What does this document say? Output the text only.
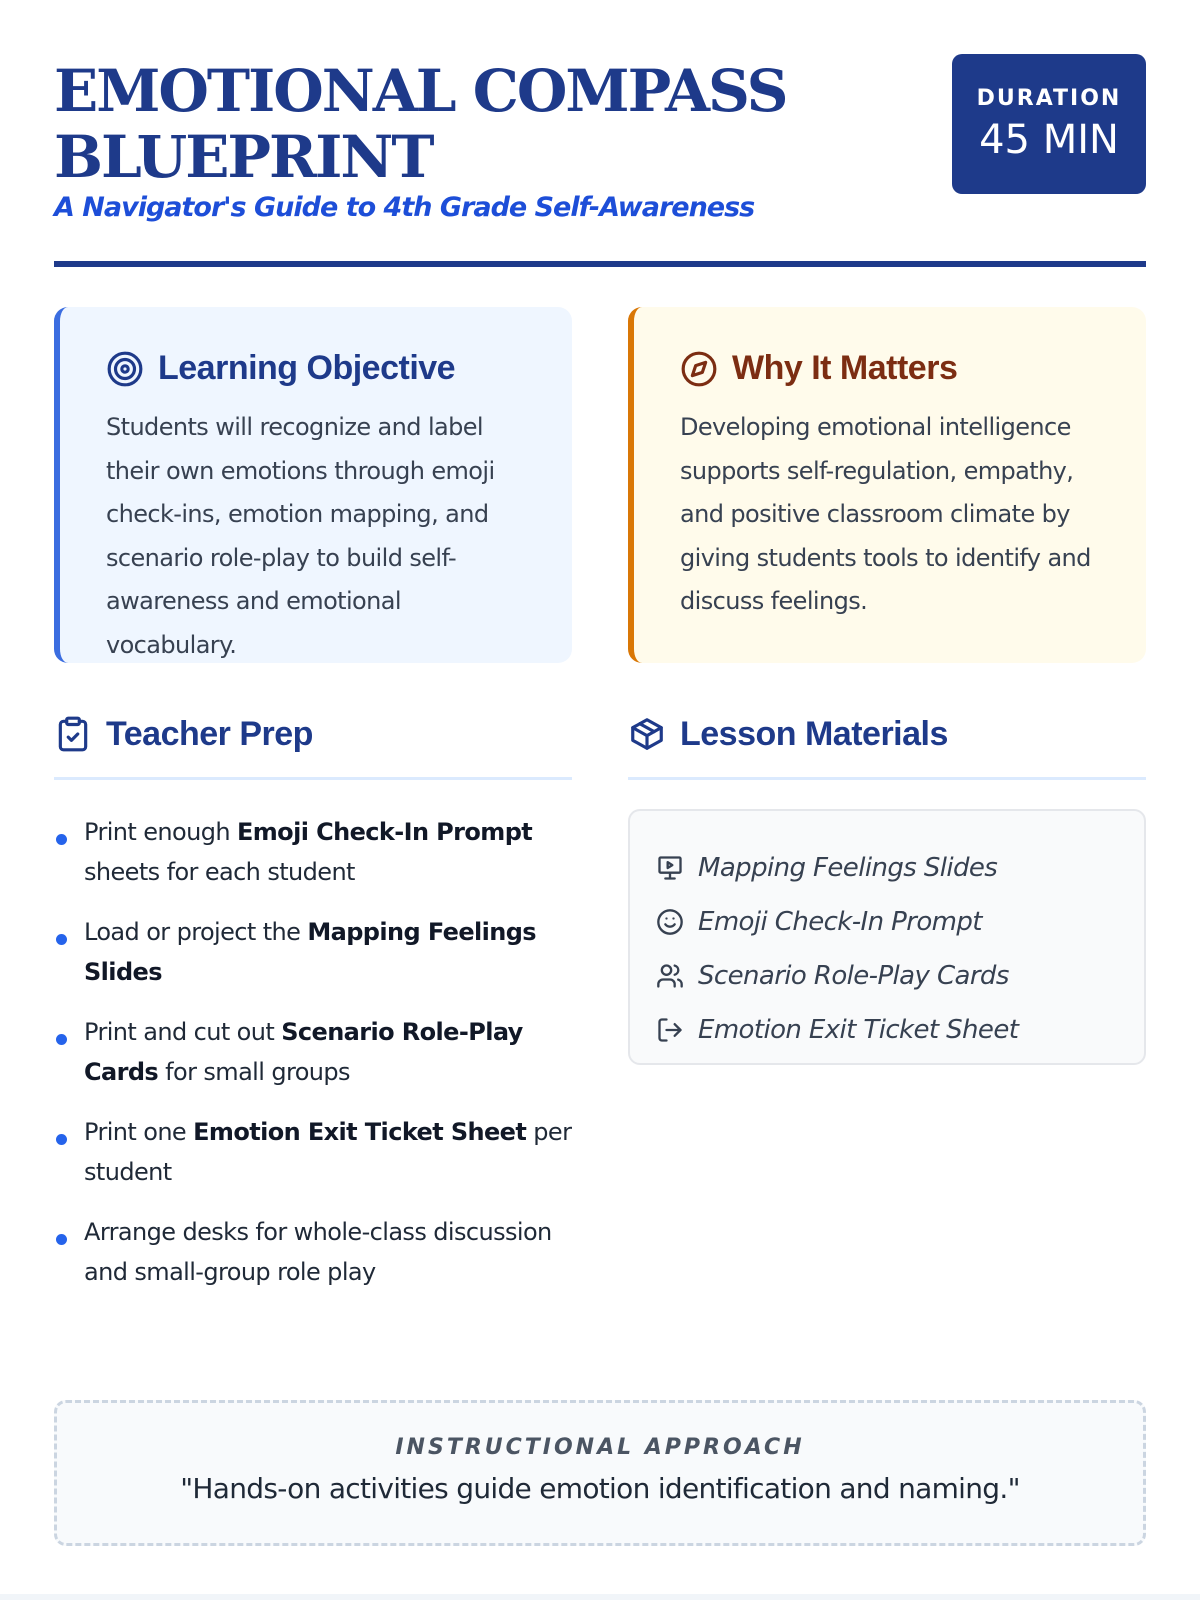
EMOTIONAL COMPASS BLUEPRINT
A Navigator's Guide to 4th Grade Self-Awareness
DURATION
45 MIN
Learning Objective

Students will recognize and label their own emotions through emoji check-ins, emotion mapping, and scenario role-play to build self-awareness and emotional vocabulary.

Why It Matters

Developing emotional intelligence supports self-regulation, empathy, and positive classroom climate by giving students tools to identify and discuss feelings.

Teacher Prep
Print enough Emoji Check-In Prompt sheets for each student
Load or project the Mapping Feelings Slides
Print and cut out Scenario Role-Play Cards for small groups
Print one Emotion Exit Ticket Sheet per student
Arrange desks for whole-class discussion and small-group role play
Lesson Materials
Mapping Feelings Slides
Emoji Check-In Prompt
Scenario Role-Play Cards
Emotion Exit Ticket Sheet
INSTRUCTIONAL APPROACH
"Hands-on activities guide emotion identification and naming."
